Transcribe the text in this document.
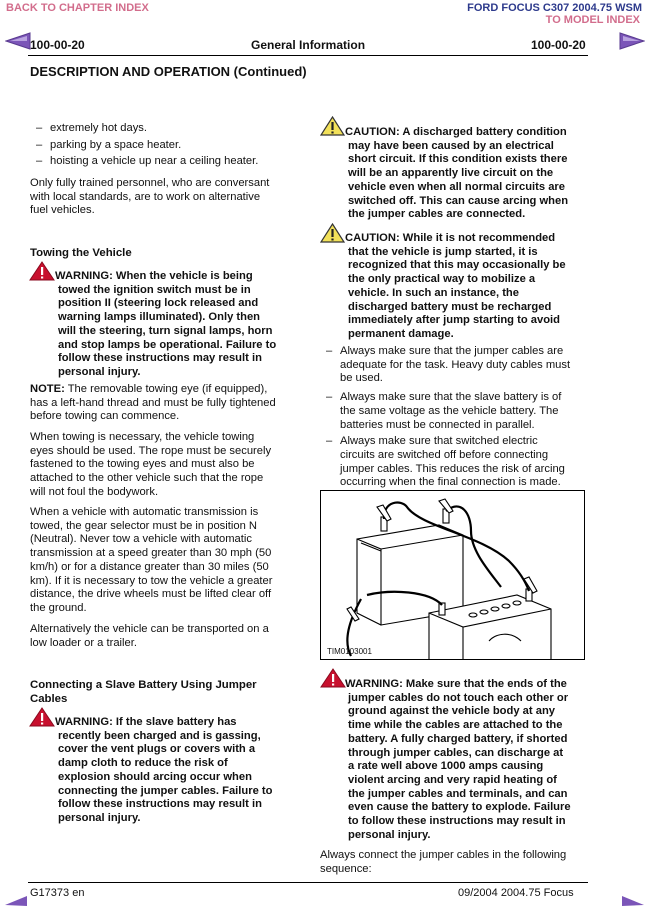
BACK TO CHAPTER INDEX	FORD FOCUS C307 2004.75 WSM
TO MODEL INDEX
100-00-20	General Information	100-00-20
DESCRIPTION AND OPERATION (Continued)
– extremely hot days.
– parking by a space heater.
– hoisting a vehicle up near a ceiling heater.
Only fully trained personnel, who are conversant
with local standards, are to work on alternative
fuel vehicles.
Towing the Vehicle
WARNING: When the vehicle is being
towed the ignition switch must be in
position II (steering lock released and
warning lamps illuminated). Only then
will the steering, turn signal lamps, horn
and stop lamps be operational. Failure to
follow these instructions may result in
personal injury.
NOTE: The removable towing eye (if equipped),
has a left-hand thread and must be fully tightened
before towing can commence.
When towing is necessary, the vehicle towing
eyes should be used. The rope must be securely
fastened to the towing eyes and must also be
attached to the other vehicle such that the rope
will not foul the bodywork.
When a vehicle with automatic transmission is
towed, the gear selector must be in position N
(Neutral). Never tow a vehicle with automatic
transmission at a speed greater than 30 mph (50
km/h) or for a distance greater than 30 miles (50
km). If it is necessary to tow the vehicle a greater
distance, the drive wheels must be lifted clear off
the ground.
Alternatively the vehicle can be transported on a
low loader or a trailer.
Connecting a Slave Battery Using Jumper
Cables
WARNING: If the slave battery has
recently been charged and is gassing,
cover the vent plugs or covers with a
damp cloth to reduce the risk of
explosion should arcing occur when
connecting the jumper cables. Failure to
follow these instructions may result in
personal injury.
CAUTION: A discharged battery condition
may have been caused by an electrical
short circuit. If this condition exists there
will be an apparently live circuit on the
vehicle even when all normal circuits are
switched off. This can cause arcing when
the jumper cables are connected.
CAUTION: While it is not recommended
that the vehicle is jump started, it is
recognized that this may occasionally be
the only practical way to mobilize a
vehicle. In such an instance, the
discharged battery must be recharged
immediately after jump starting to avoid
permanent damage.
– Always make sure that the jumper cables are
adequate for the task. Heavy duty cables must
be used.
– Always make sure that the slave battery is of
the same voltage as the vehicle battery. The
batteries must be connected in parallel.
– Always make sure that switched electric
circuits are switched off before connecting
jumper cables. This reduces the risk of arcing
occurring when the final connection is made.
TIM0103001
WARNING: Make sure that the ends of the
jumper cables do not touch each other or
ground against the vehicle body at any
time while the cables are attached to the
battery. A fully charged battery, if shorted
through jumper cables, can discharge at
a rate well above 1000 amps causing
violent arcing and very rapid heating of
the jumper cables and terminals, and can
even cause the battery to explode. Failure
to follow these instructions may result in
personal injury.
Always connect the jumper cables in the following
sequence:
G17373 en	09/2004 2004.75 Focus
